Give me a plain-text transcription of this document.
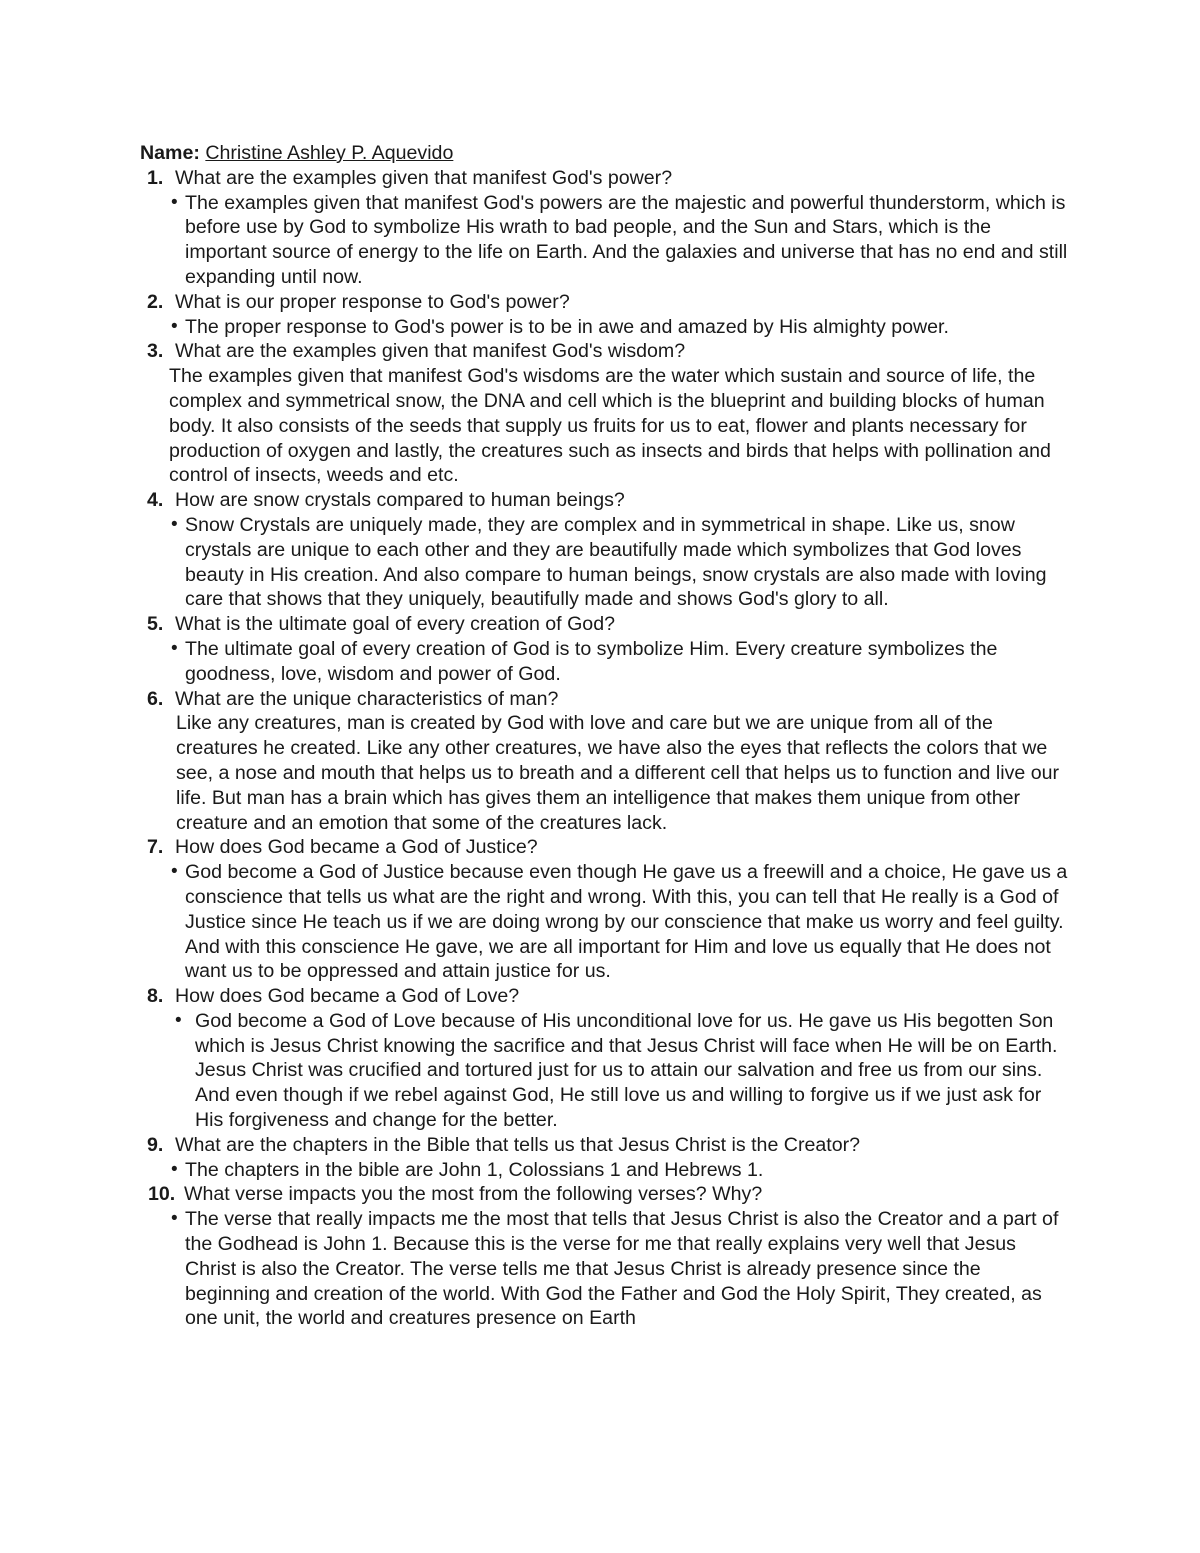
Name: Christine Ashley P. Aquevido

1. What are the examples given that manifest God's power?
• The examples given that manifest God's powers are the majestic and powerful thunderstorm, which is before use by God to symbolize His wrath to bad people, and the Sun and Stars, which is the important source of energy to the life on Earth. And the galaxies and universe that has no end and still expanding until now.
2. What is our proper response to God's power?
• The proper response to God's power is to be in awe and amazed by His almighty power.
3. What are the examples given that manifest God's wisdom?
The examples given that manifest God's wisdoms are the water which sustain and source of life, the complex and symmetrical snow, the DNA and cell which is the blueprint and building blocks of human body. It also consists of the seeds that supply us fruits for us to eat, flower and plants necessary for production of oxygen and lastly, the creatures such as insects and birds that helps with pollination and control of insects, weeds and etc.
4. How are snow crystals compared to human beings?
• Snow Crystals are uniquely made, they are complex and in symmetrical in shape. Like us, snow crystals are unique to each other and they are beautifully made which symbolizes that God loves beauty in His creation. And also compare to human beings, snow crystals are also made with loving care that shows that they uniquely, beautifully made and shows God's glory to all.
5. What is the ultimate goal of every creation of God?
• The ultimate goal of every creation of God is to symbolize Him. Every creature symbolizes the goodness, love, wisdom and power of God.
6. What are the unique characteristics of man?
Like any creatures, man is created by God with love and care but we are unique from all of the creatures he created. Like any other creatures, we have also the eyes that reflects the colors that we see, a nose and mouth that helps us to breath and a different cell that helps us to function and live our life. But man has a brain which has gives them an intelligence that makes them unique from other creature and an emotion that some of the creatures lack.
7. How does God became a God of Justice?
• God become a God of Justice because even though He gave us a freewill and a choice, He gave us a conscience that tells us what are the right and wrong. With this, you can tell that He really is a God of Justice since He teach us if we are doing wrong by our conscience that make us worry and feel guilty. And with this conscience He gave, we are all important for Him and love us equally that He does not want us to be oppressed and attain justice for us.
8. How does God became a God of Love?
• God become a God of Love because of His unconditional love for us. He gave us His begotten Son which is Jesus Christ knowing the sacrifice and that Jesus Christ will face when He will be on Earth. Jesus Christ was crucified and tortured just for us to attain our salvation and free us from our sins. And even though if we rebel against God, He still love us and willing to forgive us if we just ask for His forgiveness and change for the better.
9. What are the chapters in the Bible that tells us that Jesus Christ is the Creator?
• The chapters in the bible are John 1, Colossians 1 and Hebrews 1.
10. What verse impacts you the most from the following verses? Why?
• The verse that really impacts me the most that tells that Jesus Christ is also the Creator and a part of the Godhead is John 1. Because this is the verse for me that really explains very well that Jesus Christ is also the Creator. The verse tells me that Jesus Christ is already presence since the beginning and creation of the world. With God the Father and God the Holy Spirit, They created, as one unit, the world and creatures presence on Earth
